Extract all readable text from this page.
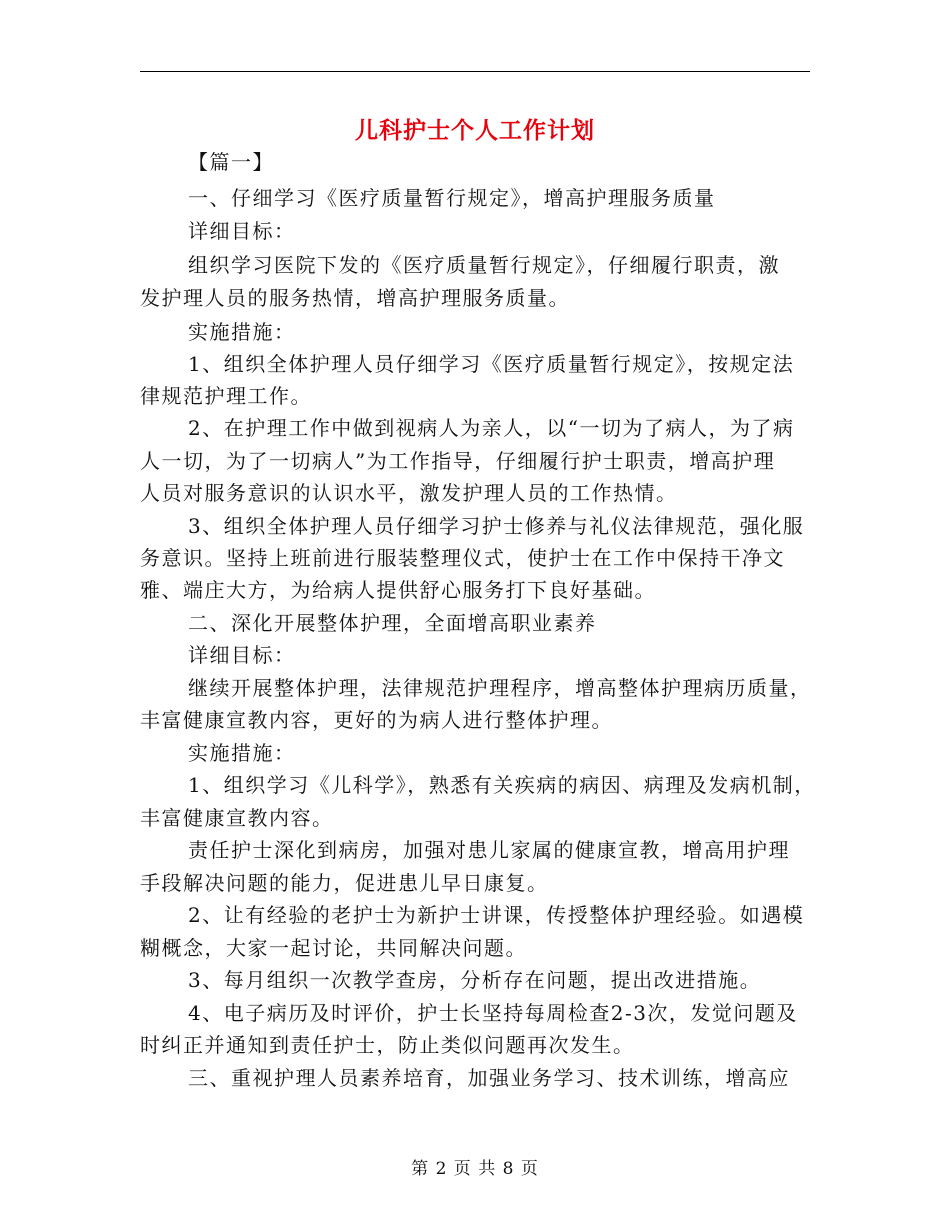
儿科护士个人工作计划
【篇一】
一、仔细学习《医疗质量暂行规定》，增高护理服务质量
详细目标：
组织学习医院下发的《医疗质量暂行规定》，仔细履行职责，激
发护理人员的服务热情，增高护理服务质量。
实施措施：
1、组织全体护理人员仔细学习《医疗质量暂行规定》，按规定法
律规范护理工作。
2、在护理工作中做到视病人为亲人，以“一切为了病人，为了病
人一切，为了一切病人”为工作指导，仔细履行护士职责，增高护理
人员对服务意识的认识水平，激发护理人员的工作热情。
3、组织全体护理人员仔细学习护士修养与礼仪法律规范，强化服
务意识。坚持上班前进行服装整理仪式，使护士在工作中保持干净文
雅、端庄大方，为给病人提供舒心服务打下良好基础。
二、深化开展整体护理，全面增高职业素养
详细目标：
继续开展整体护理，法律规范护理程序，增高整体护理病历质量，
丰富健康宣教内容，更好的为病人进行整体护理。
实施措施：
1、组织学习《儿科学》，熟悉有关疾病的病因、病理及发病机制，
丰富健康宣教内容。
责任护士深化到病房，加强对患儿家属的健康宣教，增高用护理
手段解决问题的能力，促进患儿早日康复。
2、让有经验的老护士为新护士讲课，传授整体护理经验。如遇模
糊概念，大家一起讨论，共同解决问题。
3、每月组织一次教学查房，分析存在问题，提出改进措施。
4、电子病历及时评价，护士长坚持每周检查2-3次，发觉问题及
时纠正并通知到责任护士，防止类似问题再次发生。
三、重视护理人员素养培育，加强业务学习、技术训练，增高应
第 2 页 共 8 页
